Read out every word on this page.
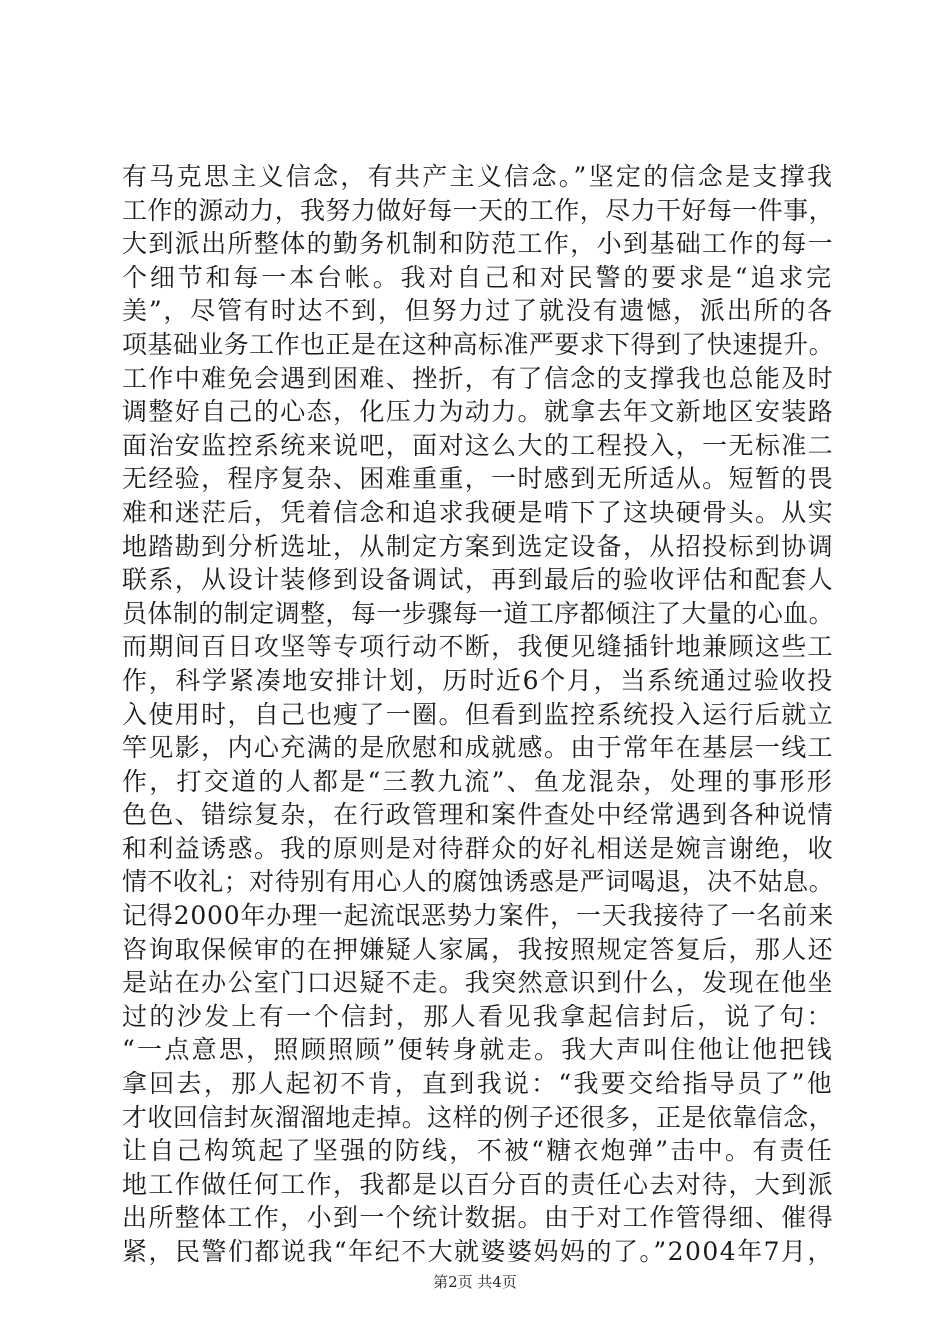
有马克思主义信念，有共产主义信念。”坚定的信念是支撑我
工作的源动力，我努力做好每一天的工作，尽力干好每一件事，
大到派出所整体的勤务机制和防范工作，小到基础工作的每一
个细节和每一本台帐。我对自己和对民警的要求是“追求完
美”，尽管有时达不到，但努力过了就没有遗憾，派出所的各
项基础业务工作也正是在这种高标准严要求下得到了快速提升。
工作中难免会遇到困难、挫折，有了信念的支撑我也总能及时
调整好自己的心态，化压力为动力。就拿去年文新地区安装路
面治安监控系统来说吧，面对这么大的工程投入，一无标准二
无经验，程序复杂、困难重重，一时感到无所适从。短暂的畏
难和迷茫后，凭着信念和追求我硬是啃下了这块硬骨头。从实
地踏勘到分析选址，从制定方案到选定设备，从招投标到协调
联系，从设计装修到设备调试，再到最后的验收评估和配套人
员体制的制定调整，每一步骤每一道工序都倾注了大量的心血。
而期间百日攻坚等专项行动不断，我便见缝插针地兼顾这些工
作，科学紧凑地安排计划，历时近6个月，当系统通过验收投
入使用时，自己也瘦了一圈。但看到监控系统投入运行后就立
竿见影，内心充满的是欣慰和成就感。由于常年在基层一线工
作，打交道的人都是“三教九流”、鱼龙混杂，处理的事形形
色色、错综复杂，在行政管理和案件查处中经常遇到各种说情
和利益诱惑。我的原则是对待群众的好礼相送是婉言谢绝，收
情不收礼；对待别有用心人的腐蚀诱惑是严词喝退，决不姑息。
记得2000年办理一起流氓恶势力案件，一天我接待了一名前来
咨询取保候审的在押嫌疑人家属，我按照规定答复后，那人还
是站在办公室门口迟疑不走。我突然意识到什么，发现在他坐
过的沙发上有一个信封，那人看见我拿起信封后，说了句：
“一点意思，照顾照顾”便转身就走。我大声叫住他让他把钱
拿回去，那人起初不肯，直到我说：“我要交给指导员了”他
才收回信封灰溜溜地走掉。这样的例子还很多，正是依靠信念，
让自己构筑起了坚强的防线，不被“糖衣炮弹”击中。有责任
地工作做任何工作，我都是以百分百的责任心去对待，大到派
出所整体工作，小到一个统计数据。由于对工作管得细、催得
紧，民警们都说我“年纪不大就婆婆妈妈的了。”2004年7月，
第2页 共4页
